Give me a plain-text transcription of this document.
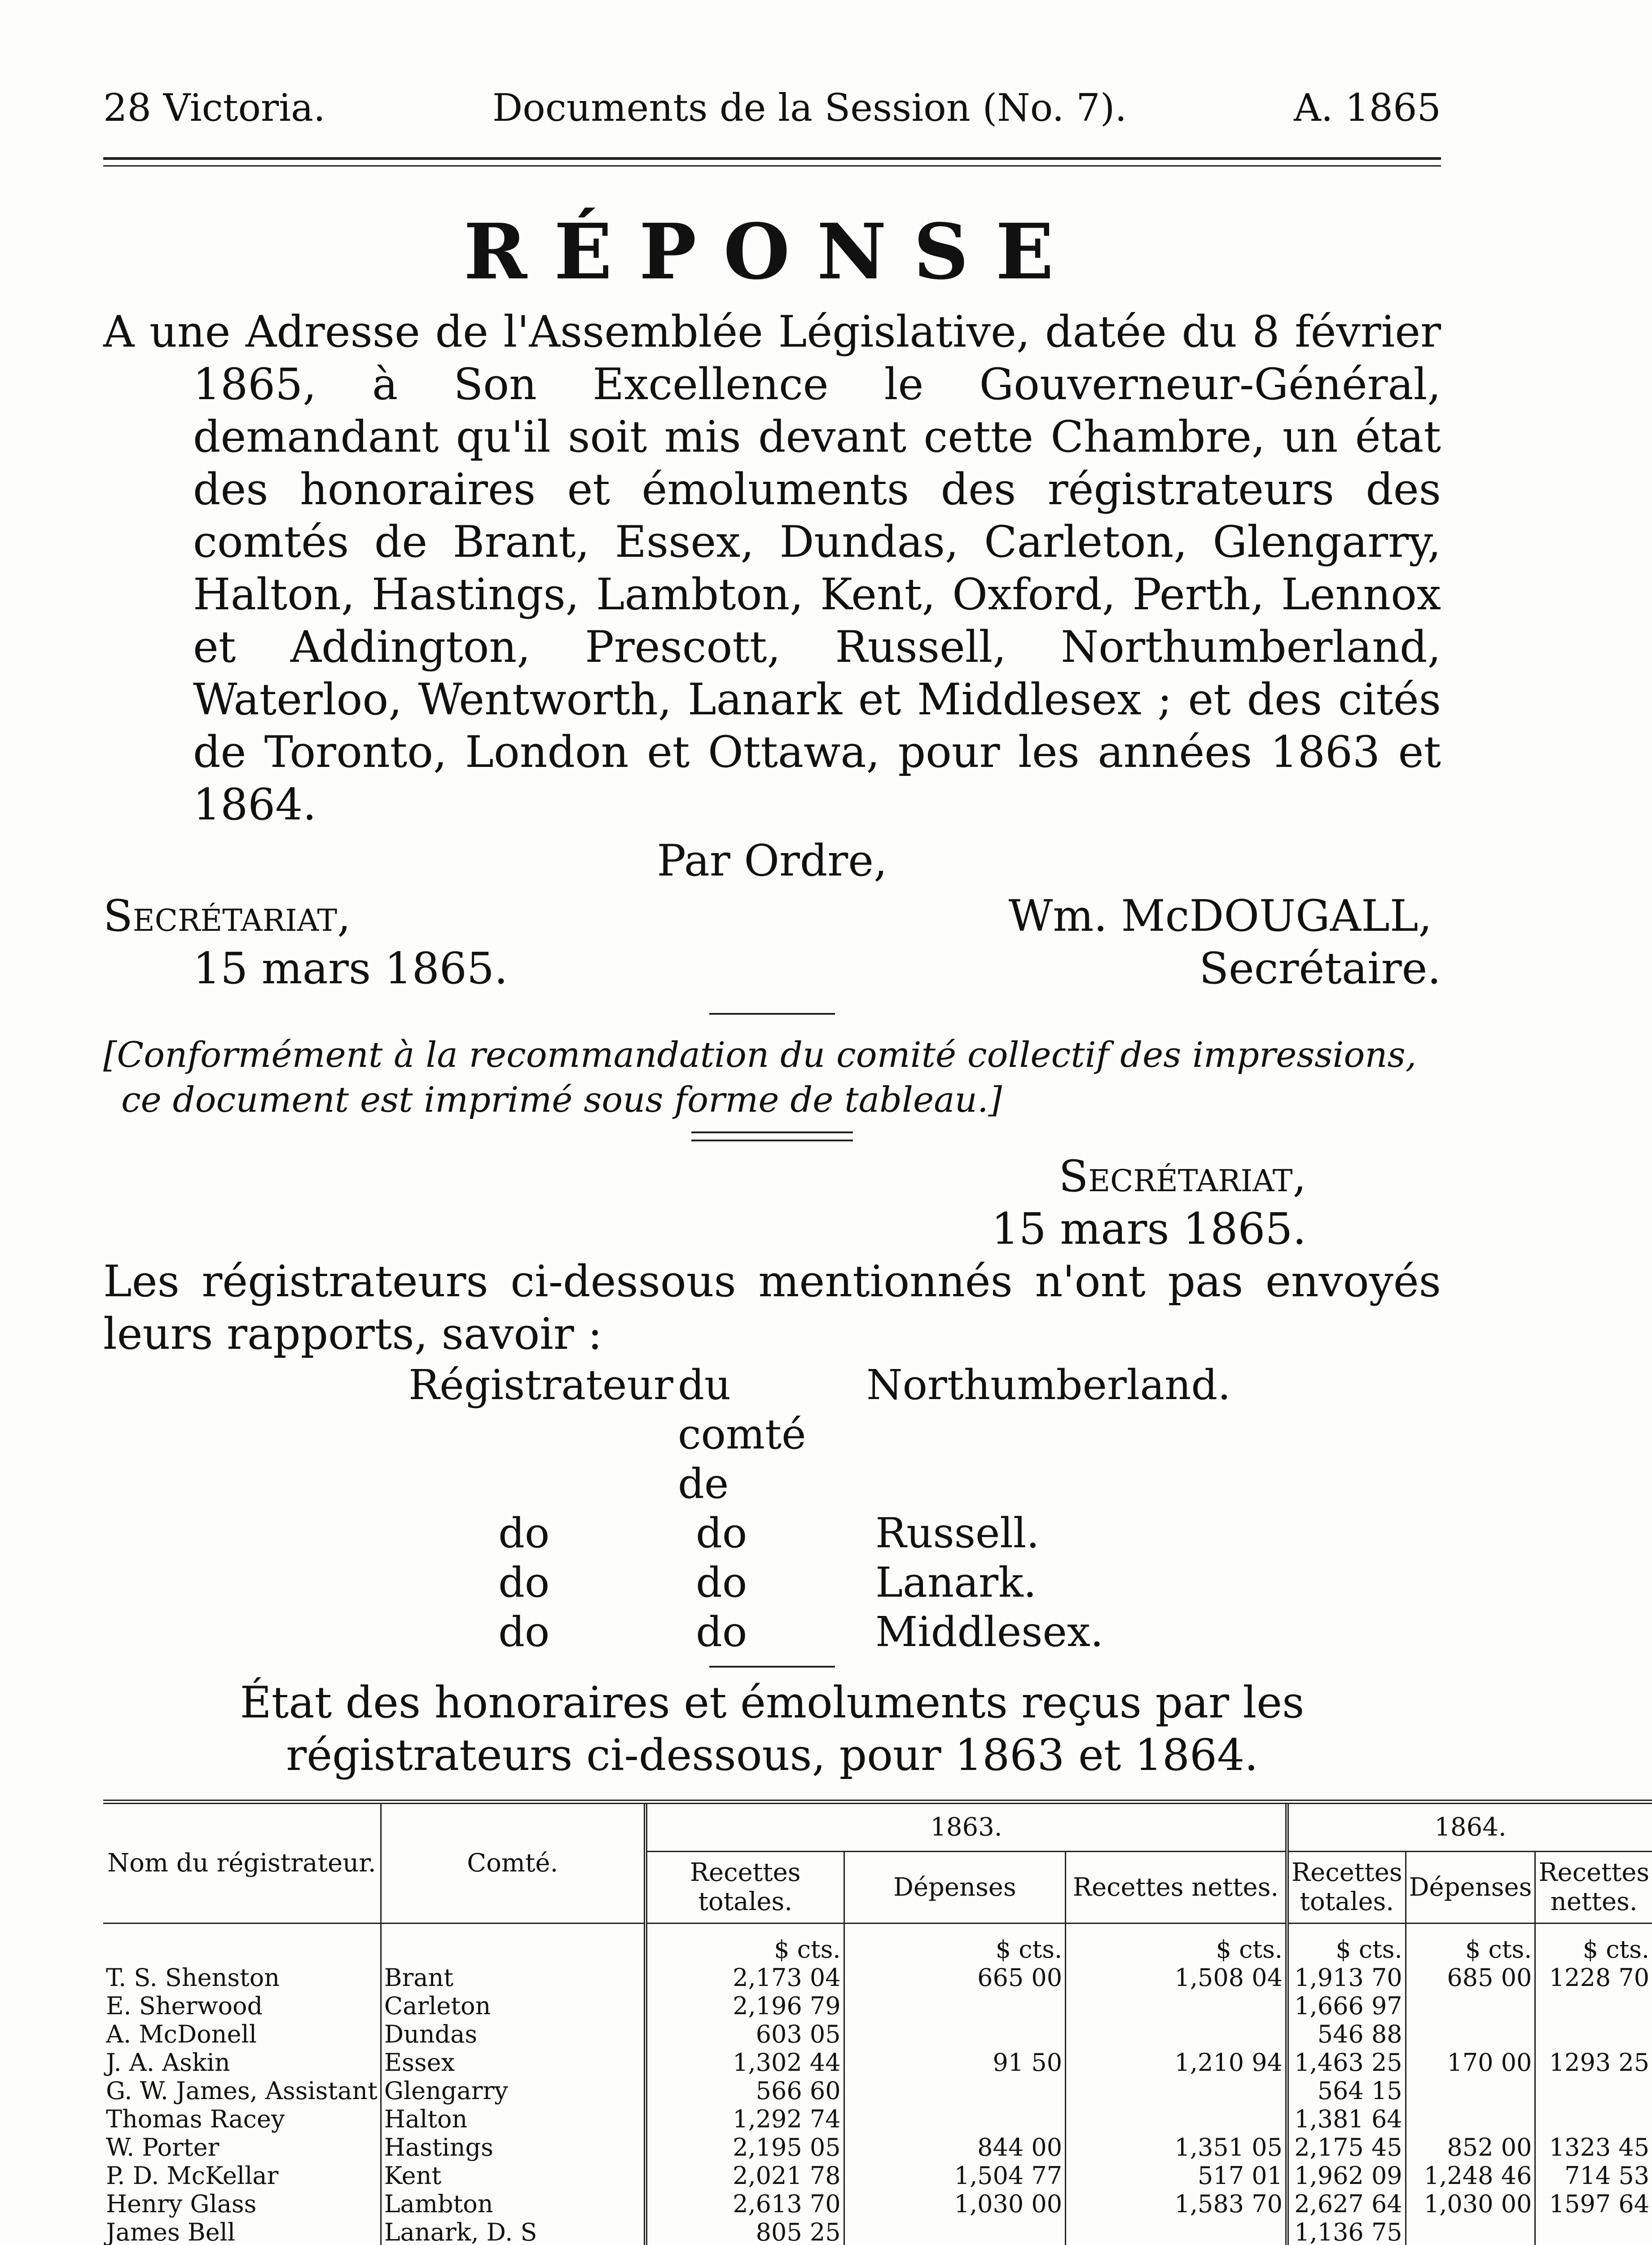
28 Victoria.	Documents de la Session (No. 7).	A. 1865
RÉPONSE
A une Adresse de l'Assemblée Législative, datée du 8 février 1865, à Son Excellence le Gouverneur-Général, demandant qu'il soit mis devant cette Chambre, un état des honoraires et émoluments des régistrateurs des comtés de Brant, Essex, Dundas, Carleton, Glengarry, Halton, Hastings, Lambton, Kent, Oxford, Perth, Lennox et Addington, Prescott, Russell, Northumberland, Waterloo, Wentworth, Lanark et Middlesex ; et des cités de Toronto, London et Ottawa, pour les années 1863 et 1864.
Par Ordre,
Secrétariat,
15 mars 1865.
Wm. McDOUGALL,
Secrétaire.
[Conformément à la recommandation du comité collectif des impressions, ce document est imprimé sous forme de tableau.]
Secrétariat,
15 mars 1865.
Les régistrateurs ci-dessous mentionnés n'ont pas envoyés leurs rapports, savoir :
Régistrateur du comté de
Northumberland.
do	do	Russell.
do	do	Lanark.
do	do	Middlesex.
État des honoraires et émoluments reçus par les régistrateurs ci-dessous, pour 1863 et 1864.
Nom du régistrateur.	Comté.	1863.			1864.		
		Recettes totales.	Dépenses	Recettes nettes.	Recettes totales.	Dépenses	Recettes nettes.
		$ cts.	$ cts.	$ cts.	$ cts.	$ cts.	$ cts.
T. S. Shenston	Brant	2,173 04	665 00	1,508 04	1,913 70	685 00	1228 70
E. Sherwood	Carleton	2,196 79			1,666 97		
A. McDonell	Dundas	603 05			546 88		
J. A. Askin	Essex	1,302 44	91 50	1,210 94	1,463 25	170 00	1293 25
G. W. James, Assistant	Glengarry	566 60			564 15		
Thomas Racey	Halton	1,292 74			1,381 64		
W. Porter	Hastings	2,195 05	844 00	1,351 05	2,175 45	852 00	1323 45
P. D. McKellar	Kent	2,021 78	1,504 77	517 01	1,962 09	1,248 46	714 53
Henry Glass	Lambton	2,613 70	1,030 00	1,583 70	2,627 64	1,030 00	1597 64
James Bell	Lanark, D. S	805 25			1,136 75		
